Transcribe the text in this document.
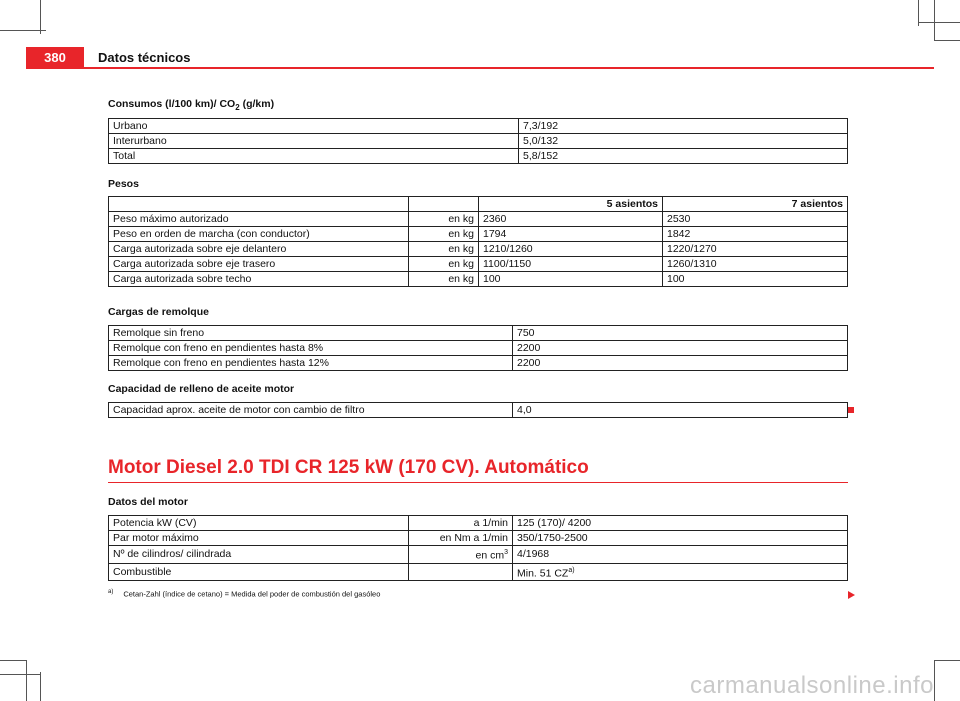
380	Datos técnicos
Consumos (l/100 km)/ $CO_2$ (g/km)
Urbano	7,3/192
Interurbano	5,0/132
Total	5,8/152
Pesos
		5 asientos	7 asientos
Peso máximo autorizado	en kg	2360	2530
Peso en orden de marcha (con conductor)	en kg	1794	1842
Carga autorizada sobre eje delantero	en kg	1210/1260	1220/1270
Carga autorizada sobre eje trasero	en kg	1100/1150	1260/1310
Carga autorizada sobre techo	en kg	100	100
Cargas de remolque
Remolque sin freno	750
Remolque con freno en pendientes hasta 8%	2200
Remolque con freno en pendientes hasta 12%	2200
Capacidad de relleno de aceite motor
Capacidad aprox. aceite de motor con cambio de filtro	4,0
Motor Diesel 2.0 TDI CR 125 kW (170 CV). Automático
Datos del motor
Potencia kW (CV)	a 1/min	125 (170)/ 4200
Par motor máximo	en Nm a 1/min	350/1750-2500
Nº de cilindros/ cilindrada	en $cm^3$	4/1968
Combustible		Min. 51 CZ$^{a)}$
$^{a)}$ Cetan-Zahl (índice de cetano) = Medida del poder de combustión del gasóleo
carmanualsonline.info
